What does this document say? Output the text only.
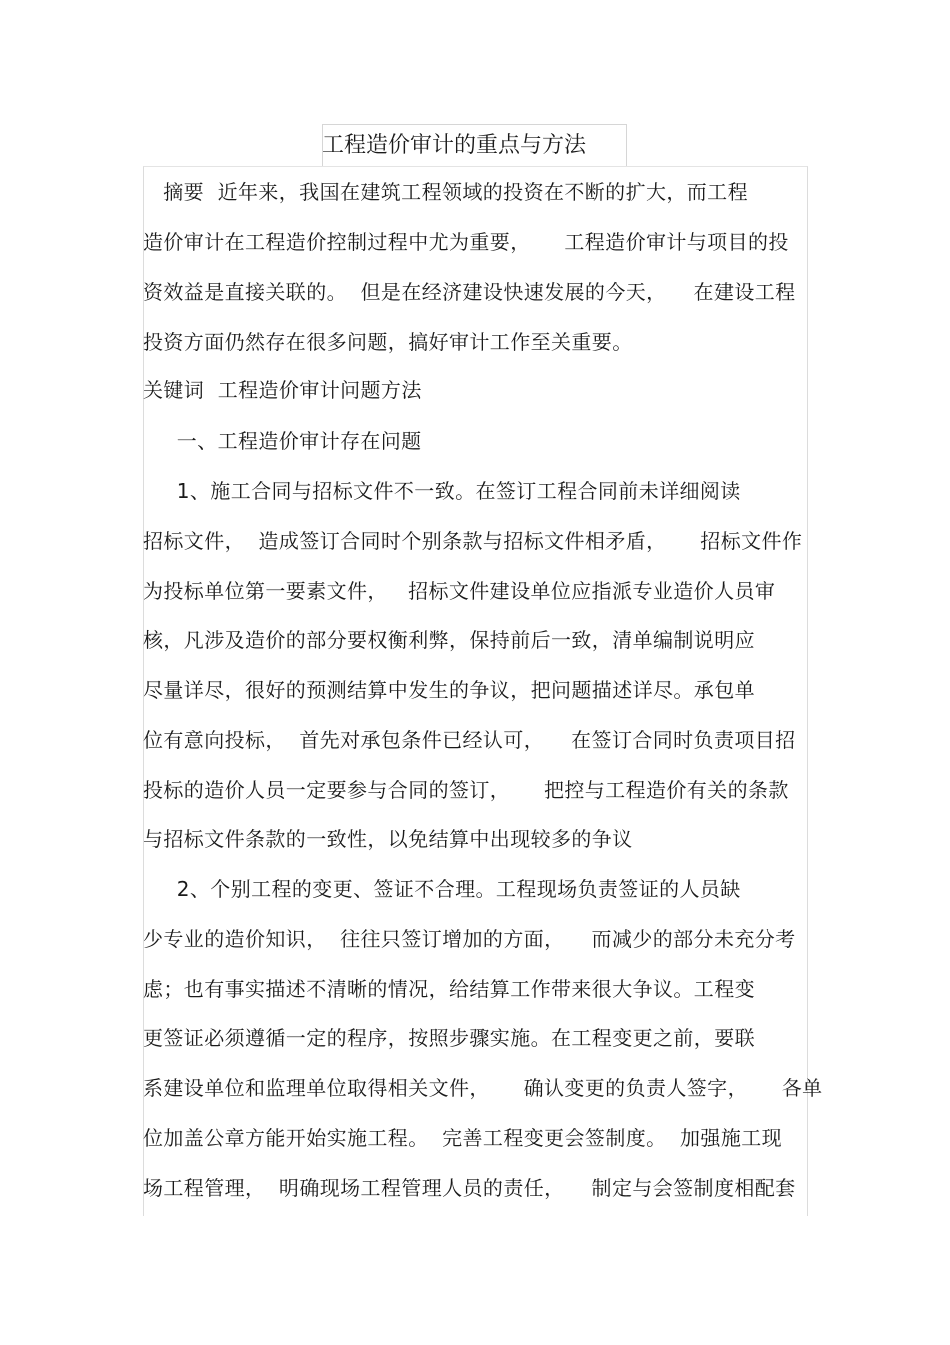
工程造价审计的重点与方法
摘要  近年来，我国在建筑工程领域的投资在不断的扩大，而工程
造价审计在工程造价控制过程中尤为重要，     工程造价审计与项目的投
资效益是直接关联的。  但是在经济建设快速发展的今天，    在建设工程
投资方面仍然存在很多问题，搞好审计工作至关重要。
关键词  工程造价审计问题方法
一、工程造价审计存在问题
1、施工合同与招标文件不一致。在签订工程合同前未详细阅读
招标文件，  造成签订合同时个别条款与招标文件相矛盾，     招标文件作
为投标单位第一要素文件，   招标文件建设单位应指派专业造价人员审
核，凡涉及造价的部分要权衡利弊，保持前后一致，清单编制说明应
尽量详尽，很好的预测结算中发生的争议，把问题描述详尽。承包单
位有意向投标，  首先对承包条件已经认可，    在签订合同时负责项目招
投标的造价人员一定要参与合同的签订，     把控与工程造价有关的条款
与招标文件条款的一致性，以免结算中出现较多的争议
2、个别工程的变更、签证不合理。工程现场负责签证的人员缺
少专业的造价知识，  往往只签订增加的方面，    而减少的部分未充分考
虑；也有事实描述不清晰的情况，给结算工作带来很大争议。工程变
更签证必须遵循一定的程序，按照步骤实施。在工程变更之前，要联
系建设单位和监理单位取得相关文件，     确认变更的负责人签字，     各单
位加盖公章方能开始实施工程。  完善工程变更会签制度。  加强施工现
场工程管理，  明确现场工程管理人员的责任，    制定与会签制度相配套
